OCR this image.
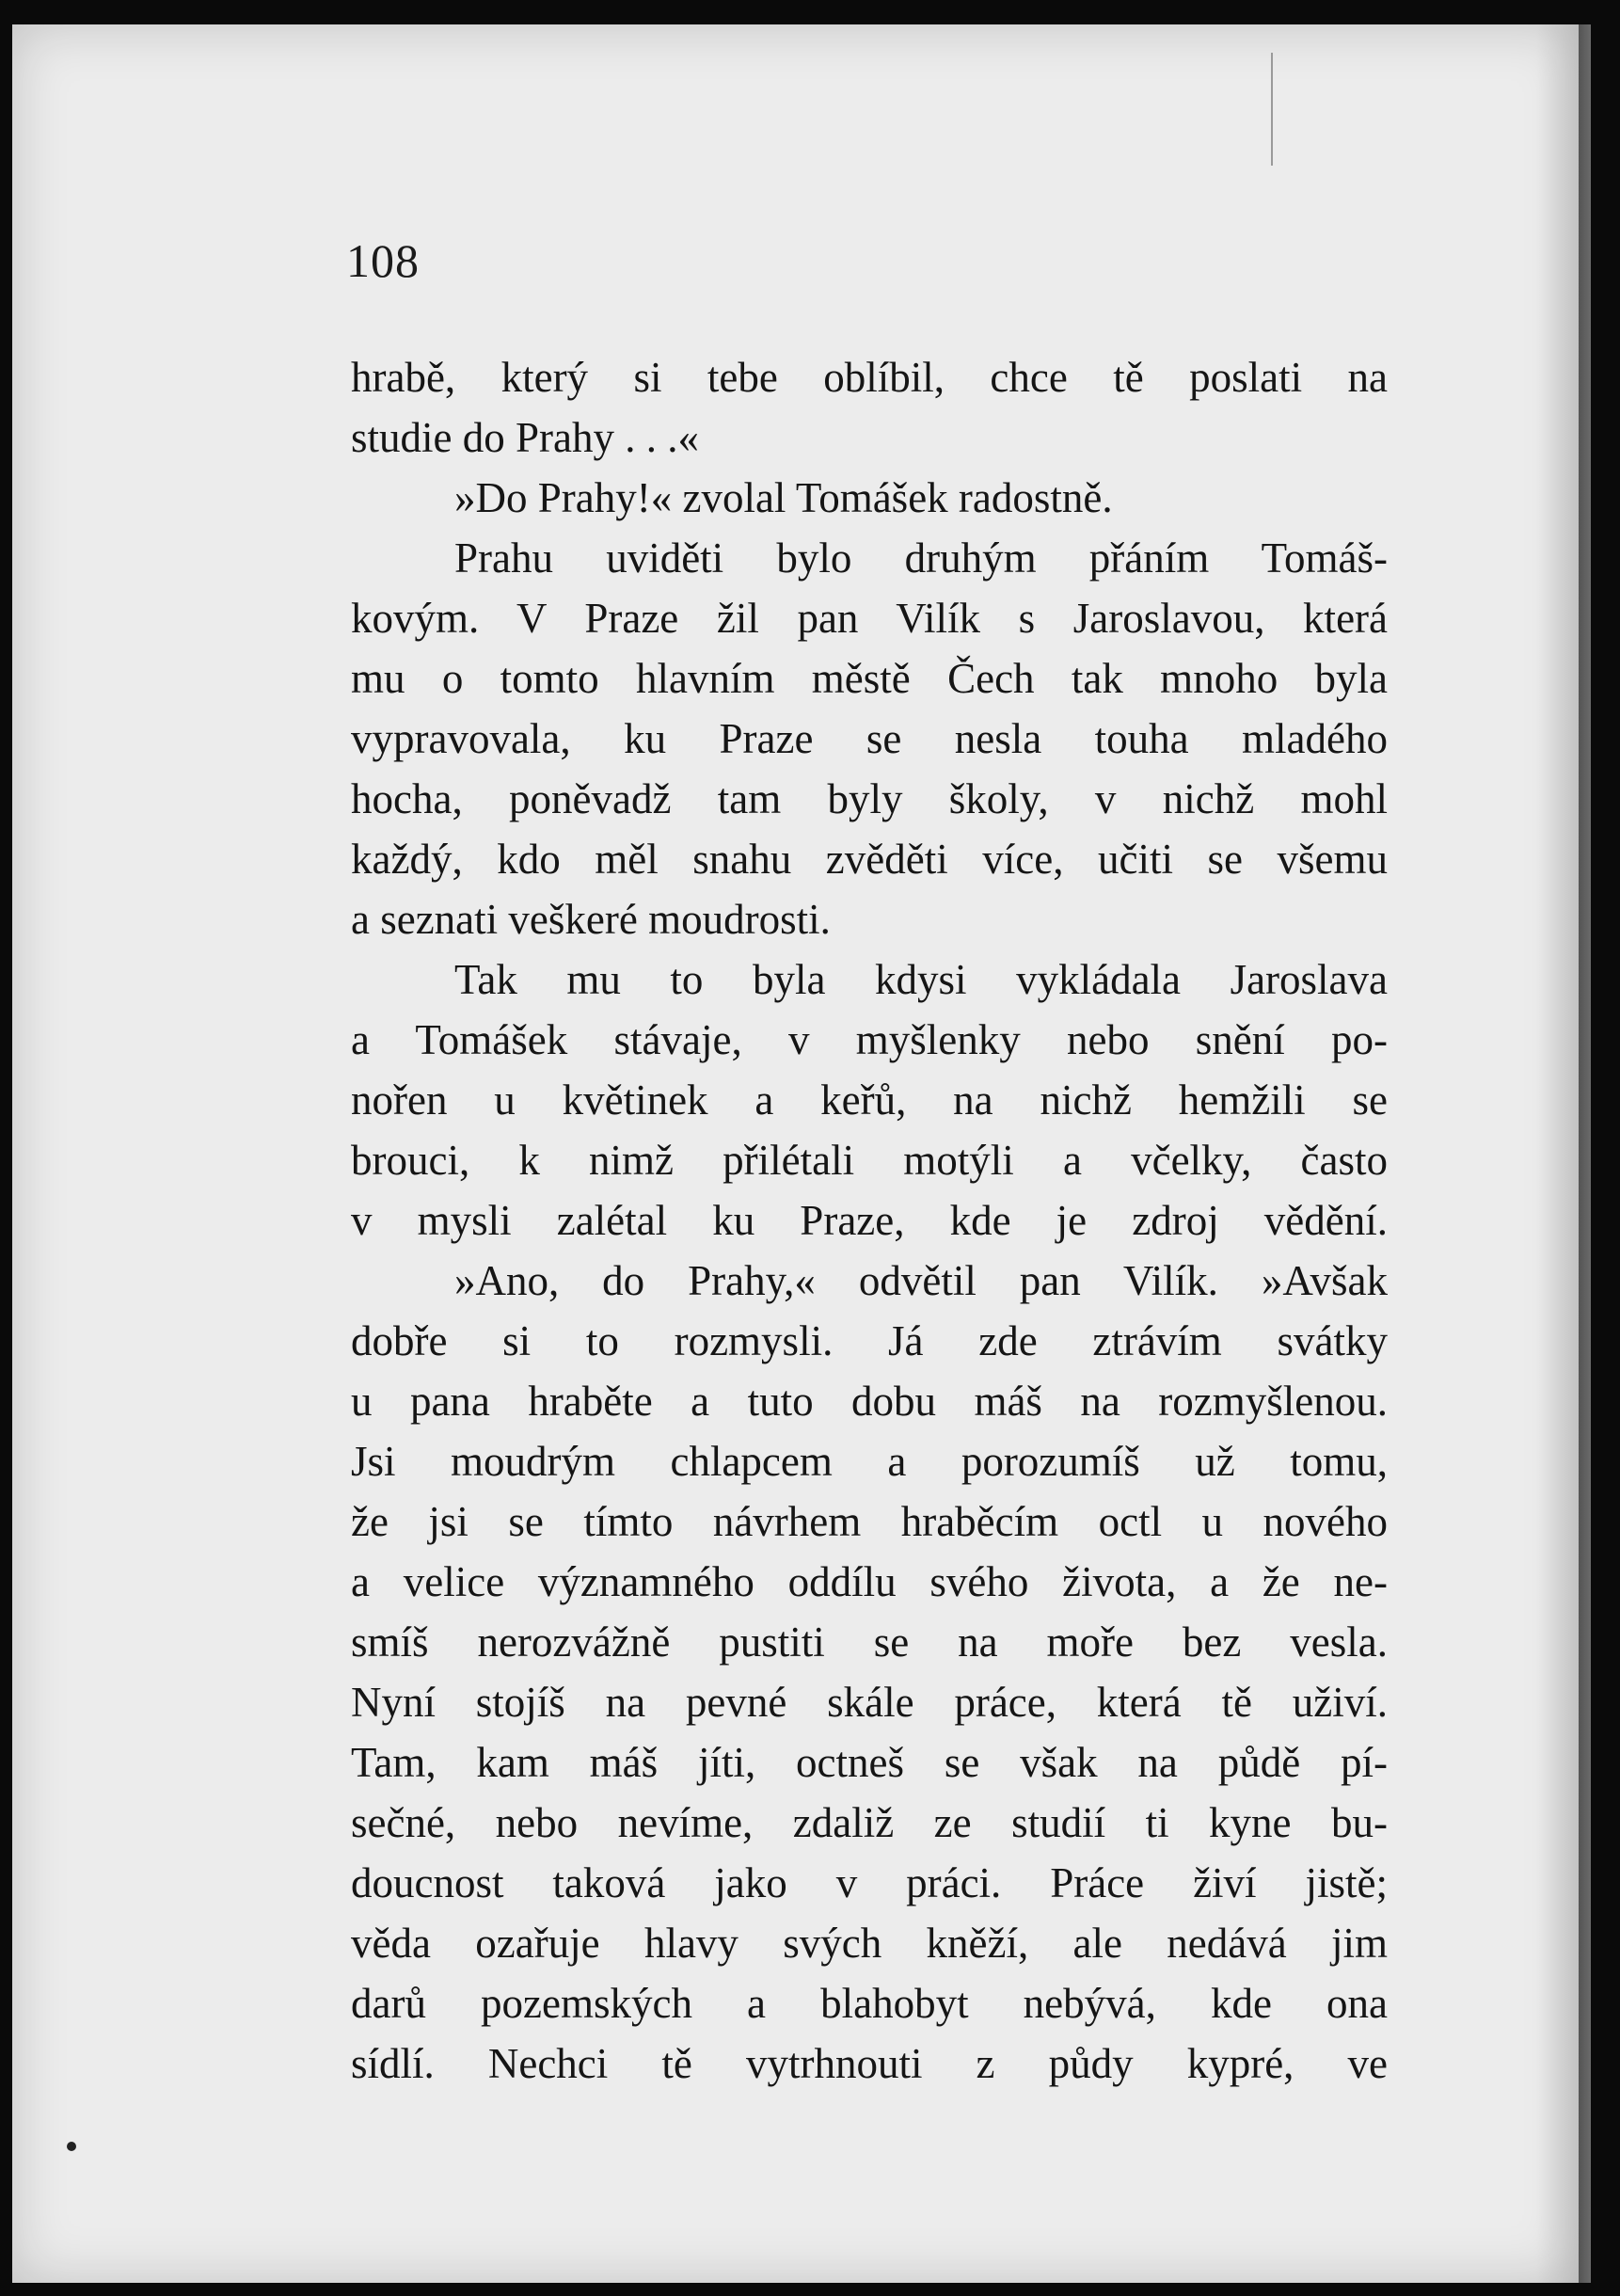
108
hrabě, který si tebe oblíbil, chce tě poslati na
studie do Prahy . . .«
»Do Prahy!« zvolal Tomášek radostně.
Prahu uviděti bylo druhým přáním Tomáš-
kovým. V Praze žil pan Vilík s Jaroslavou, která
mu o tomto hlavním městě Čech tak mnoho byla
vypravovala, ku Praze se nesla touha mladého
hocha, poněvadž tam byly školy, v nichž mohl
každý, kdo měl snahu zvěděti více, učiti se všemu
a seznati veškeré moudrosti.
Tak mu to byla kdysi vykládala Jaroslava
a Tomášek stávaje, v myšlenky nebo snění po-
nořen u květinek a keřů, na nichž hemžili se
brouci, k nimž přilétali motýli a včelky, často
v mysli zalétal ku Praze, kde je zdroj vědění.
»Ano, do Prahy,« odvětil pan Vilík. »Avšak
dobře si to rozmysli. Já zde ztrávím svátky
u pana hraběte a tuto dobu máš na rozmyšlenou.
Jsi moudrým chlapcem a porozumíš už tomu,
že jsi se tímto návrhem hraběcím octl u nového
a velice významného oddílu svého života, a že ne-
smíš nerozvážně pustiti se na moře bez vesla.
Nyní stojíš na pevné skále práce, která tě uživí.
Tam, kam máš jíti, octneš se však na půdě pí-
sečné, nebo nevíme, zdaliž ze studií ti kyne bu-
doucnost taková jako v práci. Práce živí jistě;
věda ozařuje hlavy svých kněží, ale nedává jim
darů pozemských a blahobyt nebývá, kde ona
sídlí. Nechci tě vytrhnouti z půdy kypré, ve
